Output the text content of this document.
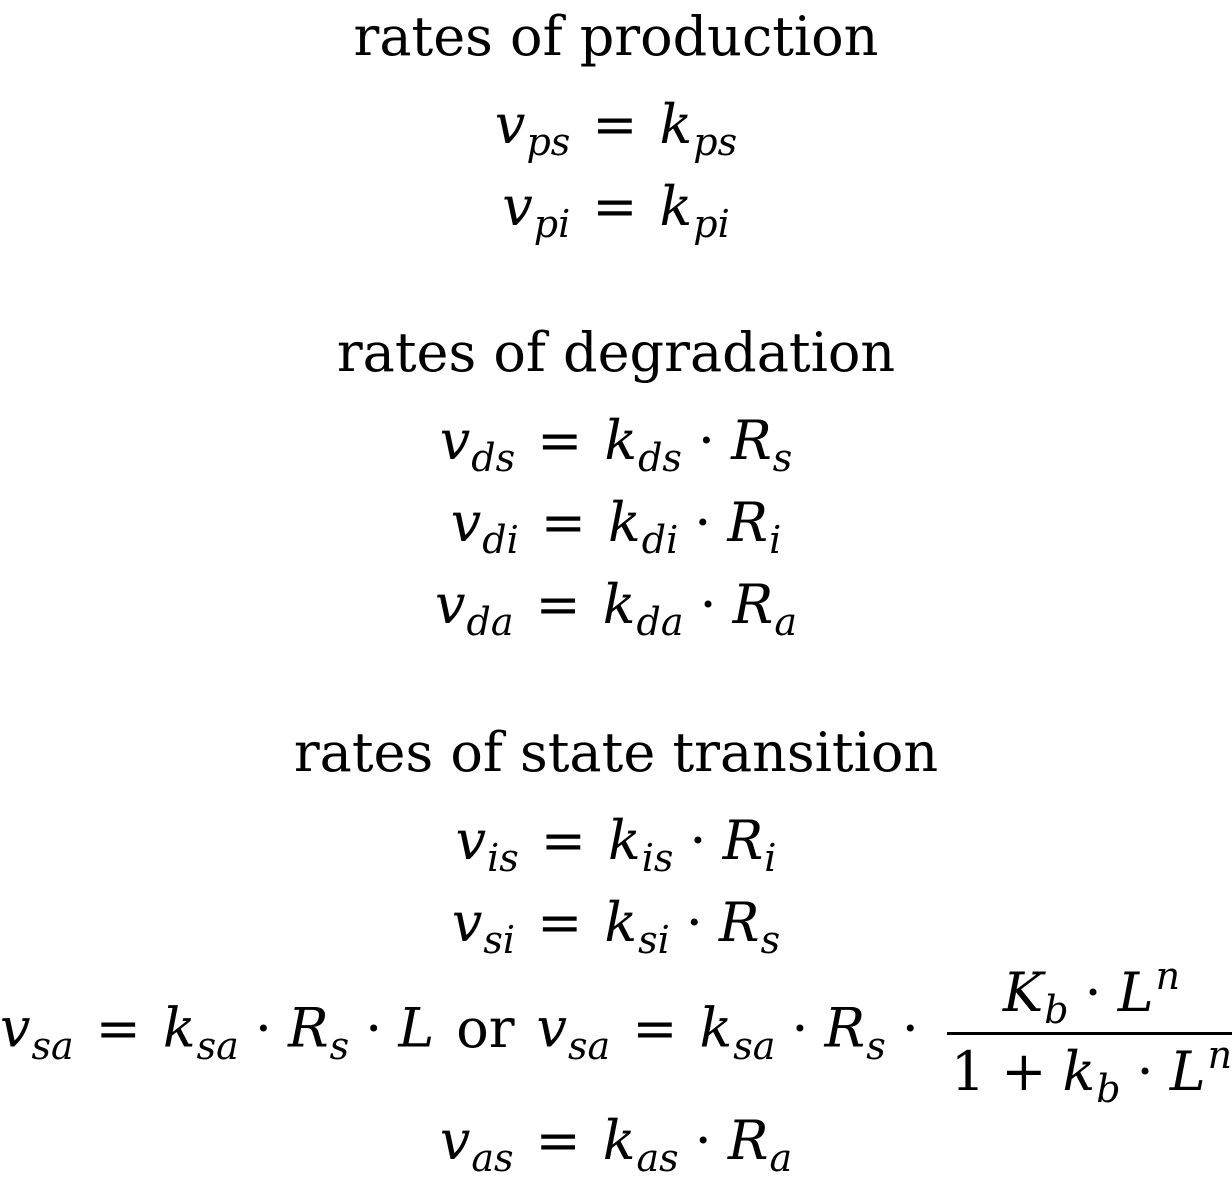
rates of production
$v_{ps} = k_{ps}$
$v_{pi} = k_{pi}$
rates of degradation
$v_{ds} = k_{ds} \cdot R_s$
$v_{di} = k_{di} \cdot R_i$
$v_{da} = k_{da} \cdot R_a$
rates of state transition
$v_{is} = k_{is} \cdot R_i$
$v_{si} = k_{si} \cdot R_s$
$v_{sa} = k_{sa} \cdot R_s \cdot L$ or $v_{sa} = k_{sa} \cdot R_s \cdot \frac{K_b \cdot L^n}{1 + k_b \cdot L^n}$
$v_{as} = k_{as} \cdot R_a$
